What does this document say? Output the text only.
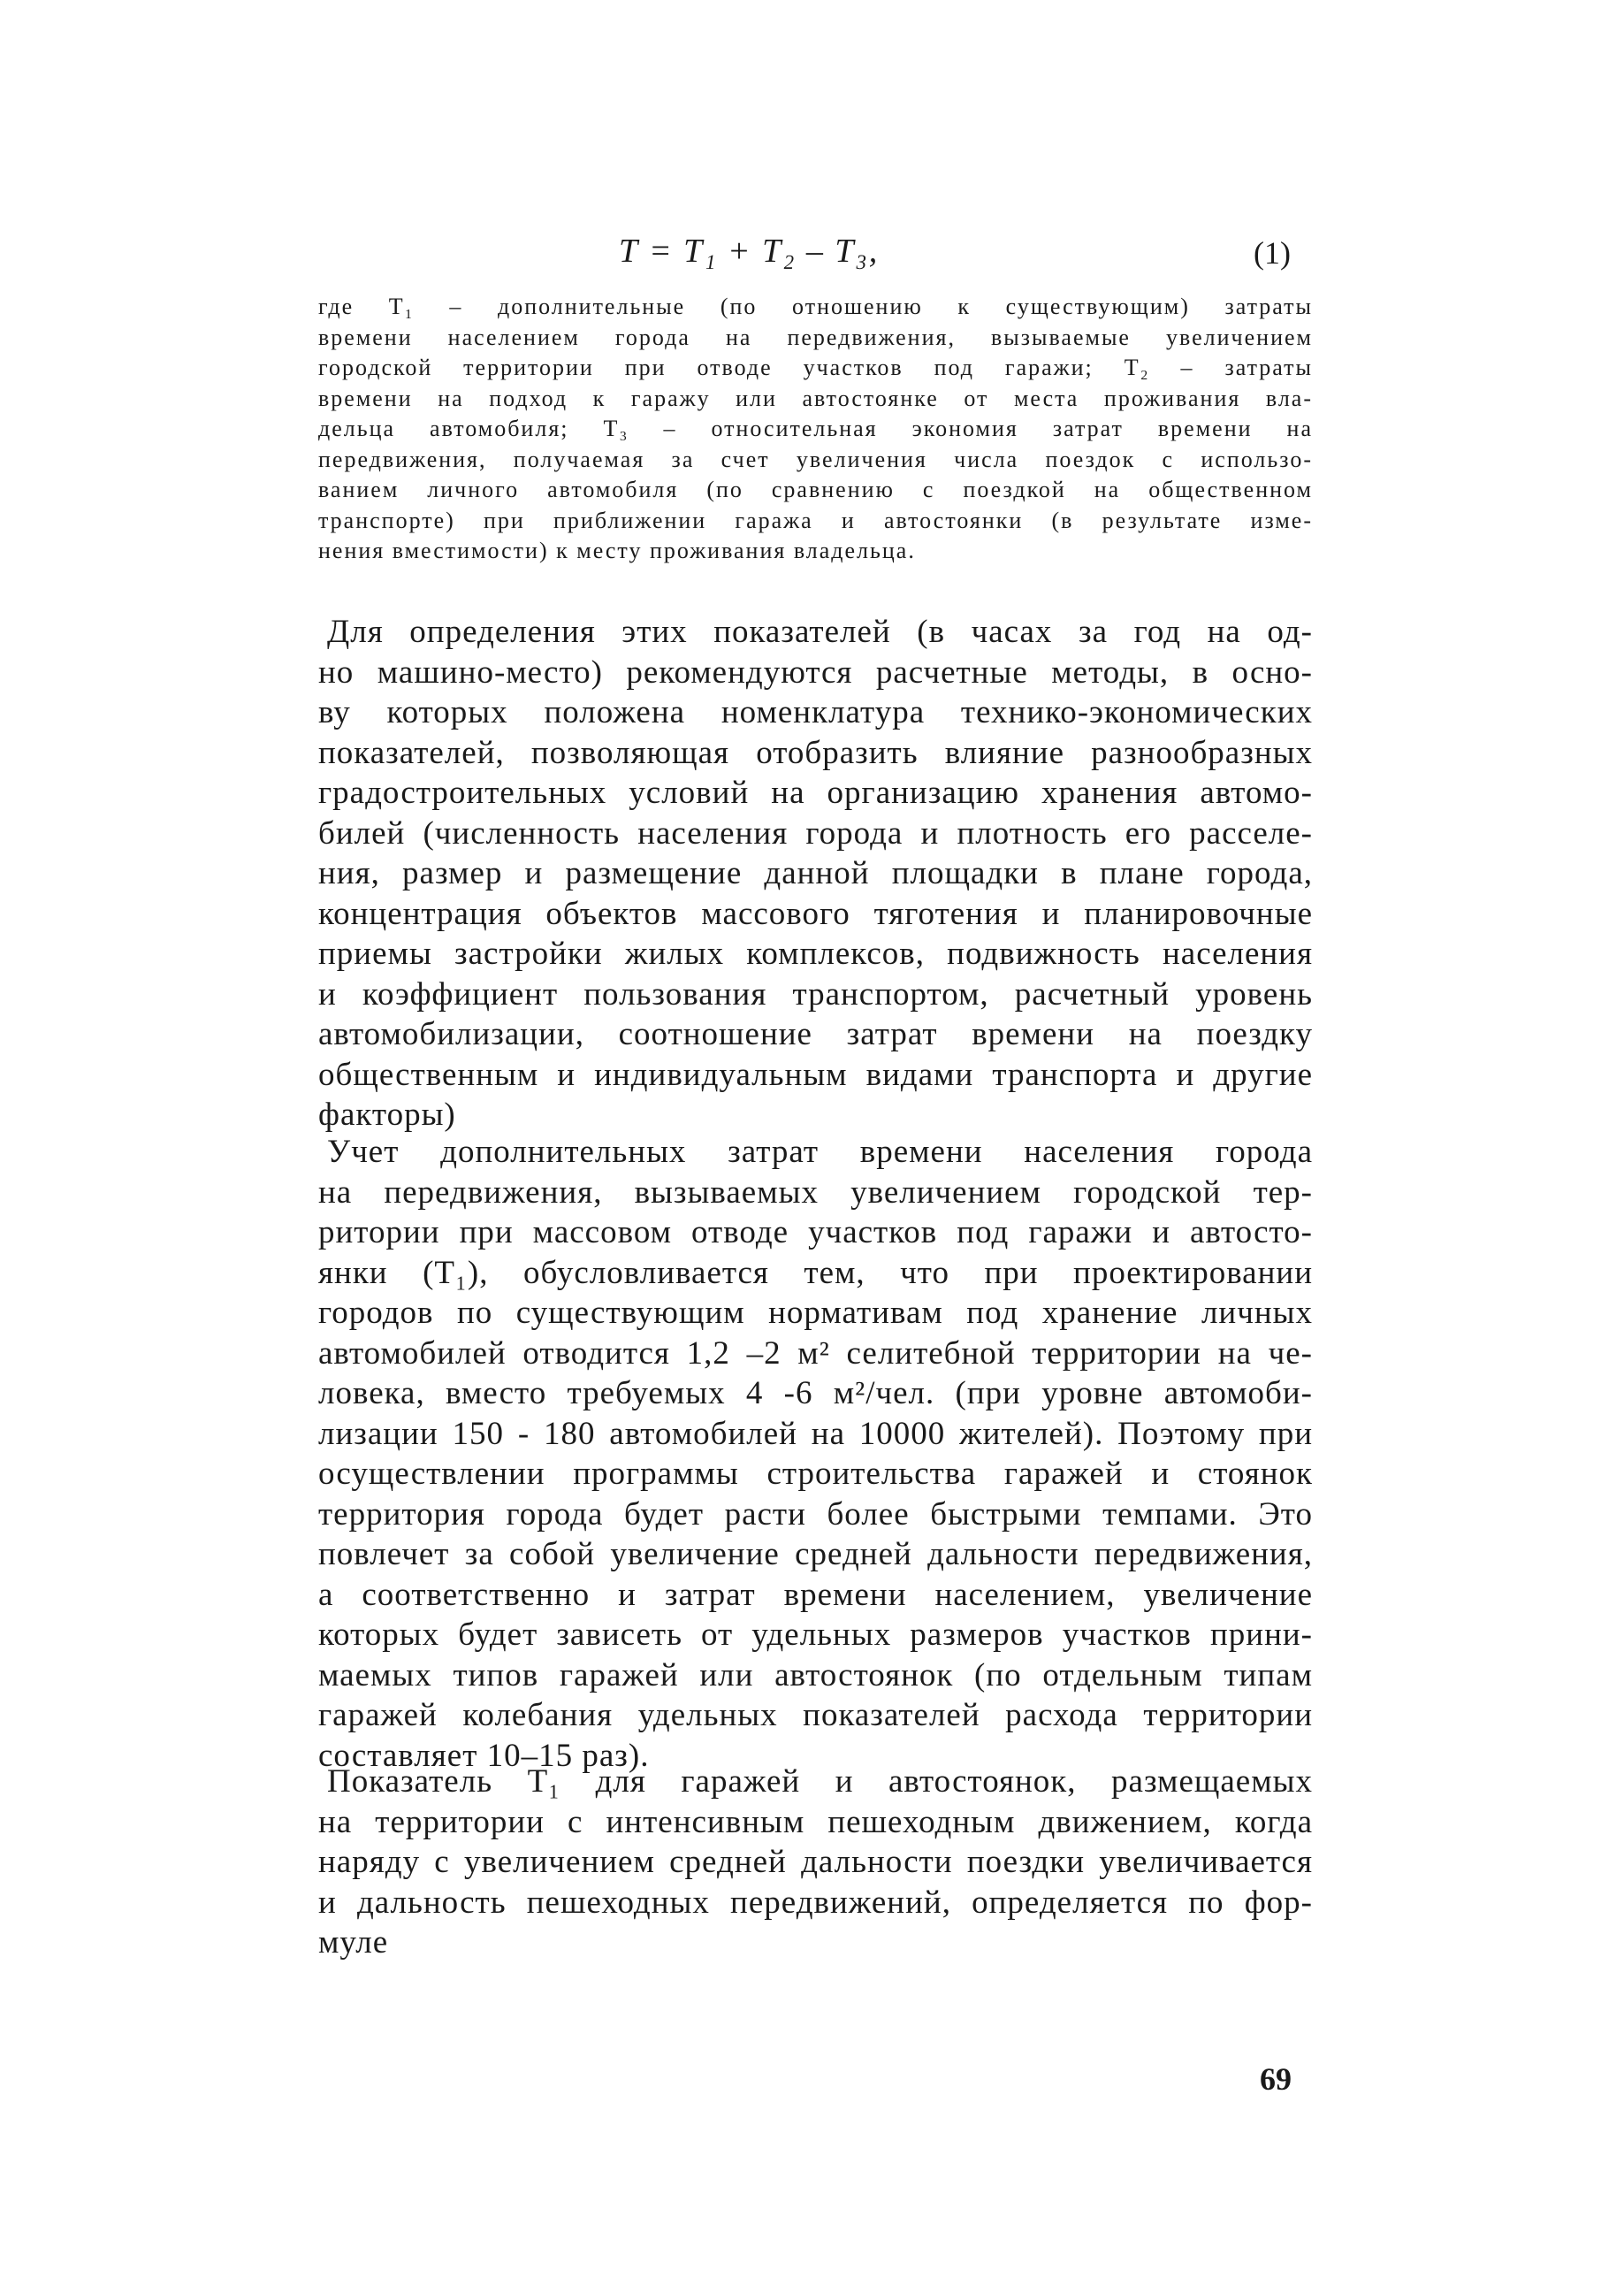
T = T₁ + T₂ – T₃,	(1)
где T₁ – дополнительные (по отношению к существующим) затраты
времени населением города на передвижения, вызываемые увеличением
городской территории при отводе участков под гаражи; T₂ – затраты
времени на подход к гаражу или автостоянке от места проживания вла-
дельца автомобиля; T₃ – относительная экономия затрат времени на
передвижения, получаемая за счет увеличения числа поездок с использо-
ванием личного автомобиля (по сравнению с поездкой на общественном
транспорте) при приближении гаража и автостоянки (в результате изме-
нения вместимости) к месту проживания владельца.
Для определения этих показателей (в часах за год на од-
но машино-место) рекомендуются расчетные методы, в осно-
ву которых положена номенклатура технико-экономических
показателей, позволяющая отобразить влияние разнообразных
градостроительных условий на организацию хранения автомо-
билей (численность населения города и плотность его расселе-
ния, размер и размещение данной площадки в плане города,
концентрация объектов массового тяготения и планировочные
приемы застройки жилых комплексов, подвижность населения
и коэффициент пользования транспортом, расчетный уровень
автомобилизации, соотношение затрат времени на поездку
общественным и индивидуальным видами транспорта и другие
факторы)
Учет дополнительных затрат времени населения города
на передвижения, вызываемых увеличением городской тер-
ритории при массовом отводе участков под гаражи и автосто-
янки (T₁), обусловливается тем, что при проектировании
городов по существующим нормативам под хранение личных
автомобилей отводится 1,2 –2 м² селитебной территории на че-
ловека, вместо требуемых 4 -6 м²/чел. (при уровне автомоби-
лизации 150 - 180 автомобилей на 10000 жителей). Поэтому при
осуществлении программы строительства гаражей и стоянок
территория города будет расти более быстрыми темпами. Это
повлечет за собой увеличение средней дальности передвижения,
а соответственно и затрат времени населением, увеличение
которых будет зависеть от удельных размеров участков прини-
маемых типов гаражей или автостоянок (по отдельным типам
гаражей колебания удельных показателей расхода территории
составляет 10–15 раз).
Показатель T₁ для гаражей и автостоянок, размещаемых
на территории с интенсивным пешеходным движением, когда
наряду с увеличением средней дальности поездки увеличивается
и дальность пешеходных передвижений, определяется по фор-
муле
69
